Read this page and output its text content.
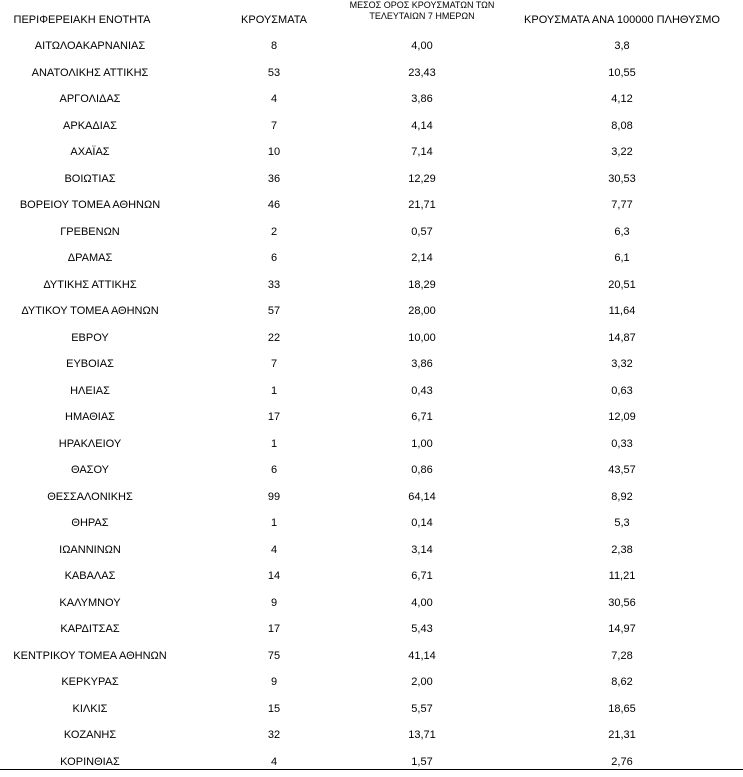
ΠΕΡΙΦΕΡΕΙΑΚΗ ΕΝΟΤΗΤΑ	ΚΡΟΥΣΜΑΤΑ
ΜΕΣΟΣ ΟΡΟΣ ΚΡΟΥΣΜΑΤΩΝ ΤΩΝ
ΤΕΛΕΥΤΑΙΩΝ 7 ΗΜΕΡΩΝ	ΚΡΟΥΣΜΑΤΑ ΑΝΑ 100000 ΠΛΗΘΥΣΜΟ
ΑΙΤΩΛΟΑΚΑΡΝΑΝΙΑΣ	8	4,00	3,8
ΑΝΑΤΟΛΙΚΗΣ ΑΤΤΙΚΗΣ	53	23,43	10,55
ΑΡΓΟΛΙΔΑΣ	4	3,86	4,12
ΑΡΚΑΔΙΑΣ	7	4,14	8,08
ΑΧΑΪΑΣ	10	7,14	3,22
ΒΟΙΩΤΙΑΣ	36	12,29	30,53
ΒΟΡΕΙΟΥ ΤΟΜΕΑ ΑΘΗΝΩΝ	46	21,71	7,77
ΓΡΕΒΕΝΩΝ	2	0,57	6,3
ΔΡΑΜΑΣ	6	2,14	6,1
ΔΥΤΙΚΗΣ ΑΤΤΙΚΗΣ	33	18,29	20,51
ΔΥΤΙΚΟΥ ΤΟΜΕΑ ΑΘΗΝΩΝ	57	28,00	11,64
ΕΒΡΟΥ	22	10,00	14,87
ΕΥΒΟΙΑΣ	7	3,86	3,32
ΗΛΕΙΑΣ	1	0,43	0,63
ΗΜΑΘΙΑΣ	17	6,71	12,09
ΗΡΑΚΛΕΙΟΥ	1	1,00	0,33
ΘΑΣΟΥ	6	0,86	43,57
ΘΕΣΣΑΛΟΝΙΚΗΣ	99	64,14	8,92
ΘΗΡΑΣ	1	0,14	5,3
ΙΩΑΝΝΙΝΩΝ	4	3,14	2,38
ΚΑΒΑΛΑΣ	14	6,71	11,21
ΚΑΛΥΜΝΟΥ	9	4,00	30,56
ΚΑΡΔΙΤΣΑΣ	17	5,43	14,97
ΚΕΝΤΡΙΚΟΥ ΤΟΜΕΑ ΑΘΗΝΩΝ	75	41,14	7,28
ΚΕΡΚΥΡΑΣ	9	2,00	8,62
ΚΙΛΚΙΣ	15	5,57	18,65
ΚΟΖΑΝΗΣ	32	13,71	21,31
ΚΟΡΙΝΘΙΑΣ	4	1,57	2,76
